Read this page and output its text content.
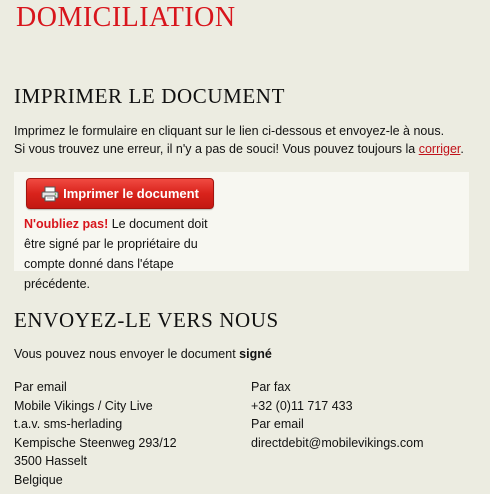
DOMICILIATION
IMPRIMER LE DOCUMENT
Imprimez le formulaire en cliquant sur le lien ci-dessous et envoyez-le à nous.
Si vous trouvez une erreur, il n'y a pas de souci! Vous pouvez toujours la corriger.
Imprimer le document
N'oubliez pas! Le document doit être signé par le propriétaire du compte donné dans l'étape précédente.
ENVOYEZ-LE VERS NOUS
Vous pouvez nous envoyer le document signé
Par email
Mobile Vikings / City Live
t.a.v. sms-herlading
Kempische Steenweg 293/12
3500 Hasselt
Belgique
Par fax
+32 (0)11 717 433
Par email
directdebit@mobilevikings.com
